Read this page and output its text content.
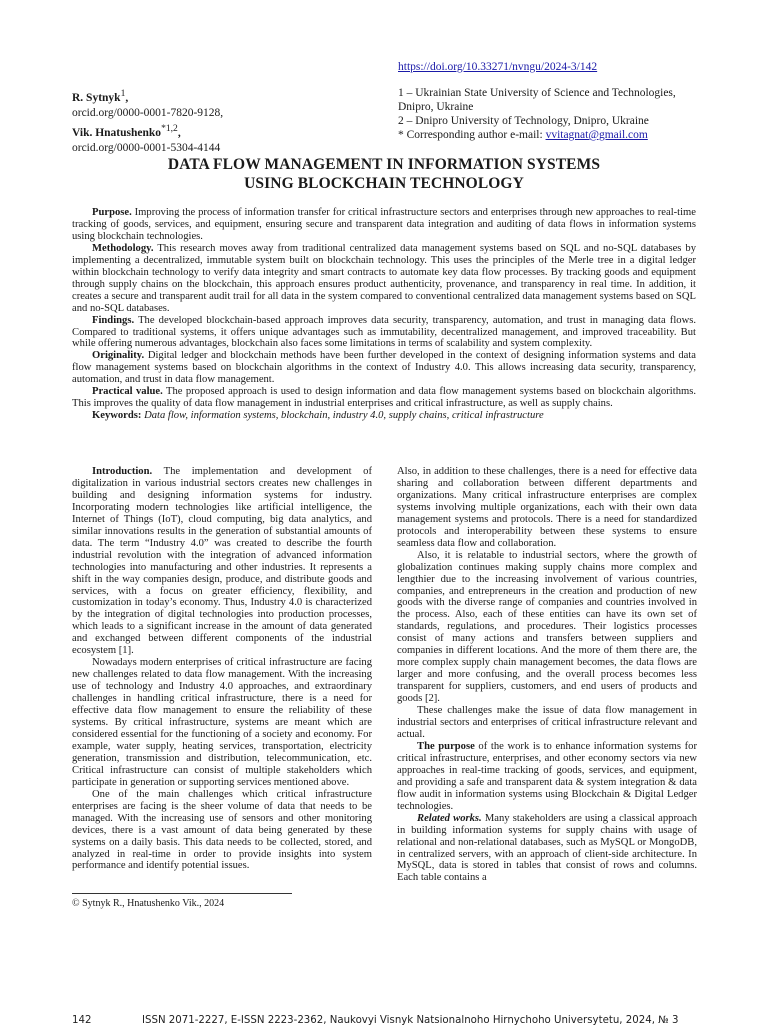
https://doi.org/10.33271/nvngu/2024-3/142
R. Sytnyk$^1$,
orcid.org/0000-0001-7820-9128,
Vik. Hnatushenko$^{*1,2}$,
orcid.org/0000-0001-5304-4144
1 – Ukrainian State University of Science and Technologies, Dnipro, Ukraine
2 – Dnipro University of Technology, Dnipro, Ukraine
* Corresponding author e-mail: vvitagnat@gmail.com
DATA FLOW MANAGEMENT IN INFORMATION SYSTEMS
USING BLOCKCHAIN TECHNOLOGY

Purpose. Improving the process of information transfer for critical infrastructure sectors and enterprises through new approaches to real-time tracking of goods, services, and equipment, ensuring secure and transparent data integration and auditing of data flows in information systems using blockchain technologies.

Methodology. This research moves away from traditional centralized data management systems based on SQL and no-SQL databases by implementing a decentralized, immutable system built on blockchain technology. This uses the principles of the Merle tree in a digital ledger within blockchain technology to verify data integrity and smart contracts to automate key data flow processes. By tracking goods and equipment through supply chains on the blockchain, this approach ensures product authenticity, provenance, and transparency in real time. In addition, it creates a secure and transparent audit trail for all data in the system compared to conventional centralized data management systems based on SQL and no-SQL databases.

Findings. The developed blockchain-based approach improves data security, transparency, automation, and trust in managing data flows. Compared to traditional systems, it offers unique advantages such as immutability, decentralized management, and improved traceability. But while offering numerous advantages, blockchain also faces some limitations in terms of scalability and system complexity.

Originality. Digital ledger and blockchain methods have been further developed in the context of designing information systems and data flow management systems based on blockchain algorithms in the context of Industry 4.0. This allows increasing data security, transparency, automation, and trust in data flow management.

Practical value. The proposed approach is used to design information and data flow management systems based on blockchain algorithms. This improves the quality of data flow management in industrial enterprises and critical infrastructure, as well as supply chains.

Keywords: Data flow, information systems, blockchain, industry 4.0, supply chains, critical infrastructure

Introduction. The implementation and development of digitalization in various industrial sectors creates new challenges in building and designing information systems for industry. Incorporating modern technologies like artificial intelligence, the Internet of Things (IoT), cloud computing, big data analytics, and similar innovations results in the generation of substantial amounts of data. The term “Industry 4.0” was created to describe the fourth industrial revolution with the integration of advanced information technologies into manufacturing and other industries. It represents a shift in the way companies design, produce, and distribute goods and services, with a focus on greater efficiency, flexibility, and customization in today’s economy. Thus, Industry 4.0 is characterized by the integration of digital technologies into production processes, which leads to a significant increase in the amount of data generated and exchanged between different components of the industrial ecosystem [1].

Nowadays modern enterprises of critical infrastructure are facing new challenges related to data flow management. With the increasing use of technology and Industry 4.0 approaches, and extraordinary challenges in handling critical infrastructure, there is a need for effective data flow management to ensure the reliability of these systems. By critical infrastructure, systems are meant which are considered essential for the functioning of a society and economy. For example, water supply, heating services, transportation, electricity generation, transmission and distribution, telecommunication, etc. Critical infrastructure can consist of multiple stakeholders which participate in generation or supporting services mentioned above.

One of the main challenges which critical infrastructure enterprises are facing is the sheer volume of data that needs to be managed. With the increasing use of sensors and other monitoring devices, there is a vast amount of data being generated by these systems on a daily basis. This data needs to be collected, stored, and analyzed in real-time in order to provide insights into system performance and identify potential issues.

Also, in addition to these challenges, there is a need for effective data sharing and collaboration between different departments and organizations. Many critical infrastructure enterprises are complex systems involving multiple organizations, each with their own data management systems and protocols. There is a need for standardized protocols and interoperability between these systems to ensure seamless data flow and collaboration.

Also, it is relatable to industrial sectors, where the growth of globalization continues making supply chains more complex and lengthier due to the increasing involvement of various countries, companies, and entrepreneurs in the creation and production of new goods with the diverse range of companies and countries involved in the process. Also, each of these entities can have its own set of standards, regulations, and procedures. Their logistics processes consist of many actions and transfers between suppliers and companies in different locations. And the more of them there are, the more complex supply chain management becomes, the data flows are larger and more confusing, and the overall process becomes less transparent for suppliers, customers, and end users of products and goods [2].

These challenges make the issue of data flow management in industrial sectors and enterprises of critical infrastructure relevant and actual.

The purpose of the work is to enhance information systems for critical infrastructure, enterprises, and other economy sectors via new approaches in real-time tracking of goods, services, and equipment, and providing a safe and transparent data & system integration & data flow audit in information systems using Blockchain & Digital Ledger technologies.

Related works. Many stakeholders are using a classical approach in building information systems for supply chains with usage of relational and non-relational databases, such as MySQL or MongoDB, in centralized servers, with an approach of client-side architecture. In MySQL, data is stored in tables that consist of rows and columns. Each table contains a

© Sytnyk R., Hnatushenko Vik., 2024
142	ISSN 2071-2227, E-ISSN 2223-2362, Naukovyi Visnyk Natsionalnoho Hirnychoho Universytetu, 2024, № 3
